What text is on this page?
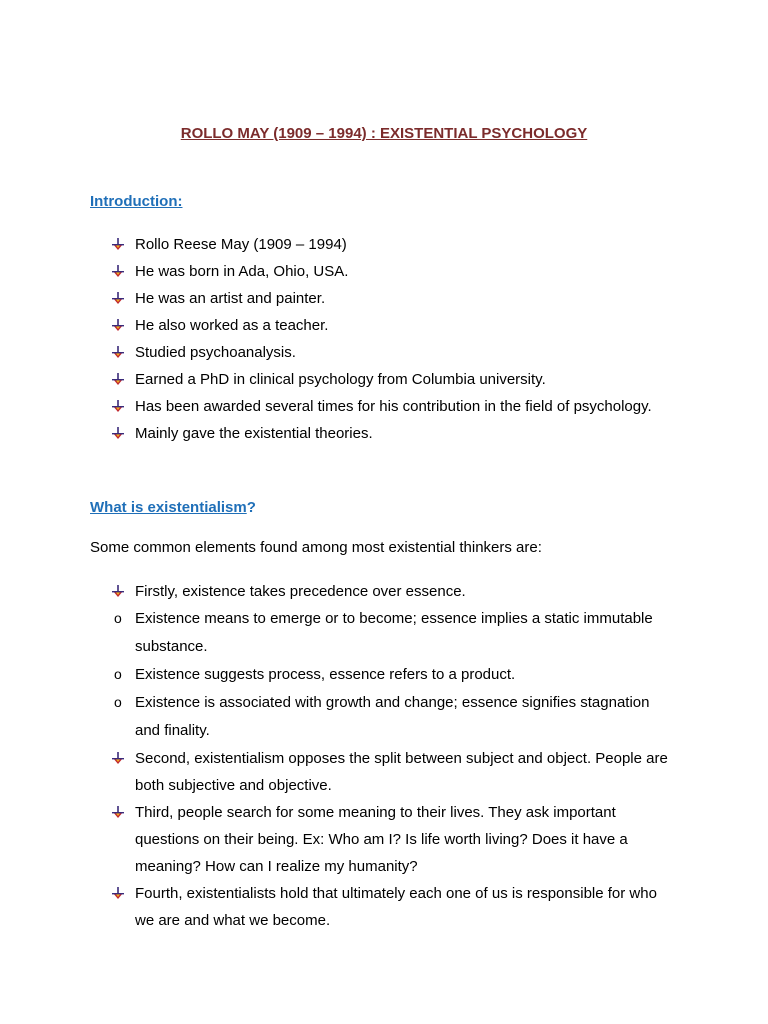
ROLLO MAY (1909 – 1994) : EXISTENTIAL PSYCHOLOGY
Introduction:
Rollo Reese May (1909 – 1994)
He was born in Ada, Ohio, USA.
He was an artist and painter.
He also worked as a teacher.
Studied psychoanalysis.
Earned a PhD in clinical psychology from Columbia university.
Has been awarded several times for his contribution in the field of psychology.
Mainly gave the existential theories.
What is existentialism?
Some common elements found among most existential thinkers are:
Firstly, existence takes precedence over essence.
o Existence means to emerge or to become; essence implies a static immutable substance.
o Existence suggests process, essence refers to a product.
o Existence is associated with growth and change; essence signifies stagnation and finality.
Second, existentialism opposes the split between subject and object. People are both subjective and objective.
Third, people search for some meaning to their lives. They ask important questions on their being. Ex: Who am I? Is life worth living? Does it have a meaning? How can I realize my humanity?
Fourth, existentialists hold that ultimately each one of us is responsible for who we are and what we become.
